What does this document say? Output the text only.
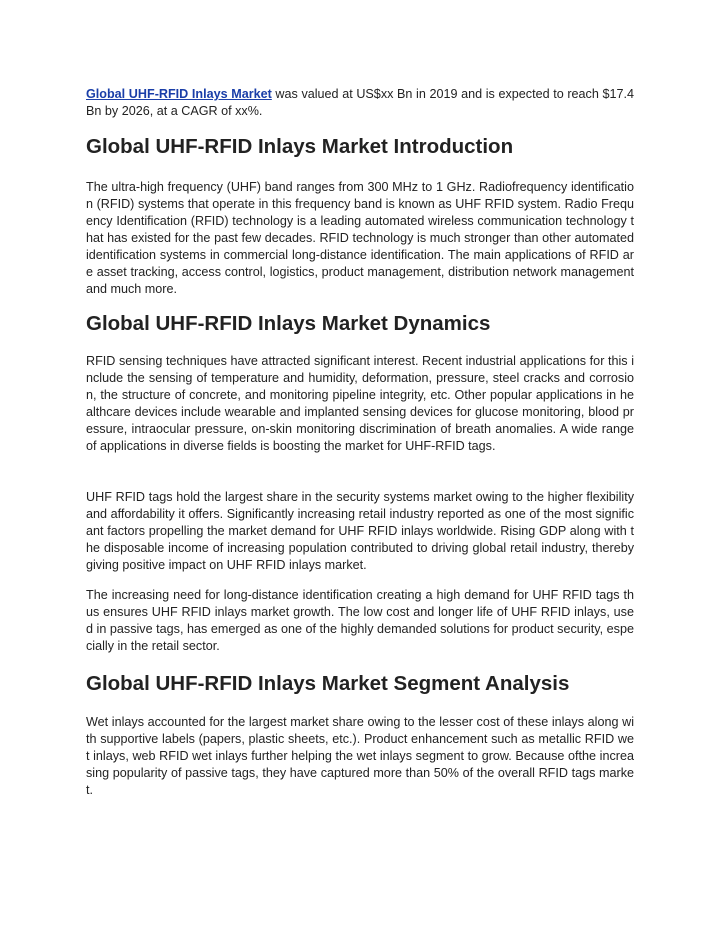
Global UHF-RFID Inlays Market was valued at US$xx Bn in 2019 and is expected to reach $17.4Bn by 2026, at a CAGR of xx%.

Global UHF-RFID Inlays Market Introduction

The ultra-high frequency (UHF) band ranges from 300 MHz to 1 GHz. Radiofrequency identification (RFID) systems that operate in this frequency band is known as UHF RFID system. Radio Frequency Identification (RFID) technology is a leading automated wireless communication technology that has existed for the past few decades. RFID technology is much stronger than other automated identification systems in commercial long-distance identification. The main applications of RFID are asset tracking, access control, logistics, product management, distribution network management and much more.

Global UHF-RFID Inlays Market Dynamics

RFID sensing techniques have attracted significant interest. Recent industrial applications for this include the sensing of temperature and humidity, deformation, pressure, steel cracks and corrosion, the structure of concrete, and monitoring pipeline integrity, etc. Other popular applications in healthcare devices include wearable and implanted sensing devices for glucose monitoring, blood pressure, intraocular pressure, on-skin monitoring discrimination of breath anomalies. A wide range of applications in diverse fields is boosting the market for UHF-RFID tags.

UHF RFID tags hold the largest share in the security systems market owing to the higher flexibility and affordability it offers. Significantly increasing retail industry reported as one of the most significant factors propelling the market demand for UHF RFID inlays worldwide. Rising GDP along with the disposable income of increasing population contributed to driving global retail industry, thereby giving positive impact on UHF RFID inlays market.

The increasing need for long-distance identification creating a high demand for UHF RFID tags thus ensures UHF RFID inlays market growth. The low cost and longer life of UHF RFID inlays, used in passive tags, has emerged as one of the highly demanded solutions for product security, especially in the retail sector.

Global UHF-RFID Inlays Market Segment Analysis

Wet inlays accounted for the largest market share owing to the lesser cost of these inlays along with supportive labels (papers, plastic sheets, etc.). Product enhancement such as metallic RFID wet inlays, web RFID wet inlays further helping the wet inlays segment to grow. Because ofthe increasing popularity of passive tags, they have captured more than 50% of the overall RFID tags market.
